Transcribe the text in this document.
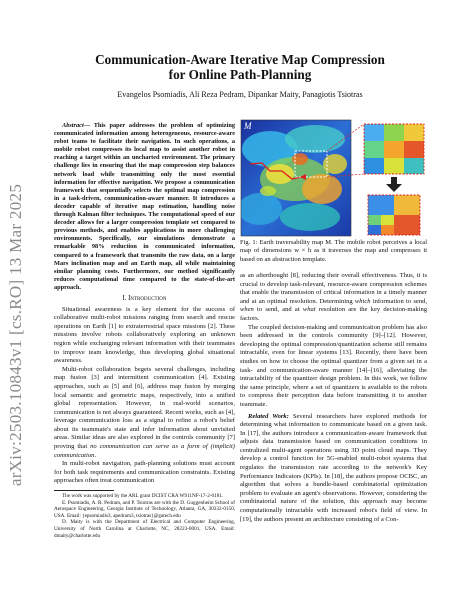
arXiv:2503.10843v1 [cs.RO] 13 Mar 2025
Communication-Aware Iterative Map Compression
for Online Path-Planning
Evangelos Psomiadis, Ali Reza Pedram, Dipankar Maity, Panagiotis Tsiotras

Abstract— This paper addresses the problem of optimizing communicated information among heterogeneous, resource-aware robot teams to facilitate their navigation. In such operations, a mobile robot compresses its local map to assist another robot in reaching a target within an uncharted environment. The primary challenge lies in ensuring that the map compression step balances network load while transmitting only the most essential information for effective navigation. We propose a communication framework that sequentially selects the optimal map compression in a task-driven, communication-aware manner. It introduces a decoder capable of iterative map estimation, handling noise through Kalman filter techniques. The computational speed of our decoder allows for a larger compression template set compared to previous methods, and enables applications in more challenging environments. Specifically, our simulations demonstrate a remarkable 98% reduction in communicated information, compared to a framework that transmits the raw data, on a large Mars inclination map and an Earth map, all while maintaining similar planning costs. Furthermore, our method significantly reduces computational time compared to the state-of-the-art approach.

I. Introduction

Situational awareness is a key element for the success of collaborative multi-robot missions ranging from search and rescue operations on Earth [1] to extraterrestrial space missions [2]. These missions involve robots collaboratively exploring an unknown region while exchanging relevant information with their teammates to improve team knowledge, thus developing global situational awareness.

Multi-robot collaboration begets several challenges, including map fusion [3] and intermittent communication [4]. Existing approaches, such as [5] and [6], address map fusion by merging local semantic and geometric maps, respectively, into a unified global representation. However, in real-world scenarios, communication is not always guaranteed. Recent works, such as [4], leverage communication loss as a signal to refine a robot's belief about its teammate's state and infer information about unvisited areas. Similar ideas are also explored in the controls community [7] proving that no communication can serve as a form of (implicit) communication.

In multi-robot navigation, path-planning solutions must account for both task requirements and communication constraints. Existing approaches often treat communication

The work was supported by the ARL grant DCIST CRA W911NF-17-2-0181.

E. Psomiadis, A. R. Pedram, and P. Tsiotras are with the D. Guggenheim School of Aerospace Engineering, Georgia Institute of Technology, Atlanta, GA, 30332-0150, USA. Email: {epsomiadis3, apedram3, tsiotras}@gatech.edu

D. Maity is with the Department of Electrical and Computer Engineering, University of North Carolina at Charlotte, NC, 28223-0001, USA. Email: dmaity@charlotte.edu

M
Fig. 1: Earth traversability map M. The mobile robot perceives a local map of dimensions w × h as it traverses the map and compresses it based on an abstraction template.

as an afterthought [8], reducing their overall effectiveness. Thus, it is crucial to develop task-relevant, resource-aware compression schemes that enable the transmission of critical information in a timely manner and at an optimal resolution. Determining which information to send, when to send, and at what resolution are the key decision-making factors.

The coupled decision-making and communication problem has also been addressed in the controls community [9]–[12]. However, developing the optimal compression/quantization scheme still remains intractable, even for linear systems [13]. Recently, there have been studies on how to choose the optimal quantizer from a given set in a task- and communication-aware manner [14]–[16], alleviating the intractability of the quantizer design problem. In this work, we follow the same principle, where a set of quantizers is available to the robots to compress their perception data before transmitting it to another teammate.

Related Work: Several researchers have explored methods for determining what information to communicate based on a given task. In [17], the authors introduce a communication-aware framework that adjusts data transmission based on communication conditions in centralized multi-agent operations using 3D point cloud maps. They develop a control function for 5G-enabled multi-robot systems that regulates the transmission rate according to the network's Key Performance Indicators (KPIs). In [18], the authors propose OCBC, an algorithm that solves a bundle-based combinatorial optimization problem to evaluate an agent's observations. However, considering the combinatorial nature of the solution, this approach may become computationally intractable with increased robot's field of view. In [19], the authors present an architecture consisting of a Con-
